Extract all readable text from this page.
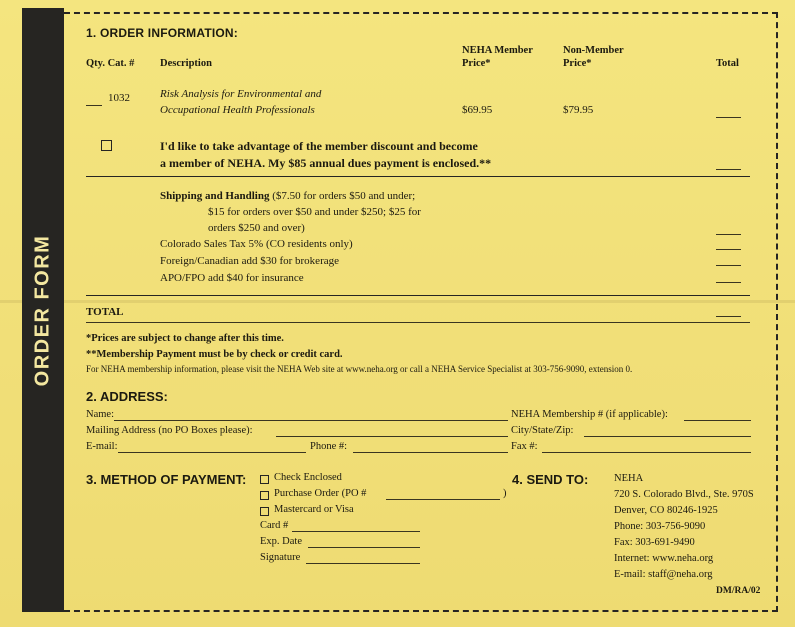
ORDER FORM
1. ORDER INFORMATION:
Qty. Cat. # Description
NEHA Member
Price*
Non-Member
Price*	Total
1032	Risk Analysis for Environmental and
Occupational Health Professionals	$69.95	$79.95
I'd like to take advantage of the member discount and become
a member of NEHA. My $85 annual dues payment is enclosed.**
Shipping and Handling ($7.50 for orders $50 and under;
$15 for orders over $50 and under $250; $25 for
orders $250 and over)
Colorado Sales Tax 5% (CO residents only)
Foreign/Canadian add $30 for brokerage
APO/FPO add $40 for insurance
TOTAL
*Prices are subject to change after this time.
**Membership Payment must be by check or credit card.
For NEHA membership information, please visit the NEHA Web site at www.neha.org or call a NEHA Service Specialist at 303-756-9090, extension 0.
2. ADDRESS:
Name:	NEHA Membership # (if applicable):
Mailing Address (no PO Boxes please):	City/State/Zip:
E-mail:	Phone #:	Fax #:
3. METHOD OF PAYMENT:	Check Enclosed
Purchase Order (PO #	)
Mastercard or Visa
Card #
Exp. Date
Signature
4. SEND TO: NEHA
720 S. Colorado Blvd., Ste. 970S
Denver, CO 80246-1925
Phone: 303-756-9090
Fax: 303-691-9490
Internet: www.neha.org
E-mail: staff@neha.org
DM/RA/02
